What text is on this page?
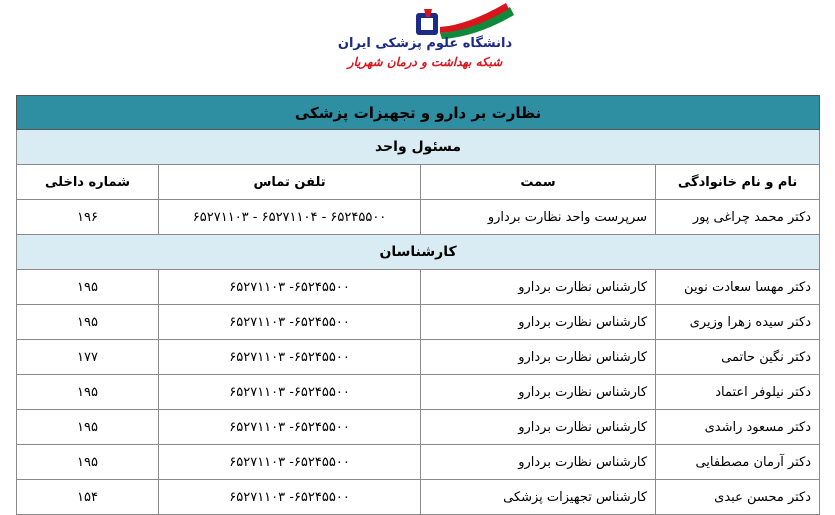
دانشگاه علوم پزشکی ایران
شبکه بهداشت و درمان شهریار
نظارت بر دارو و تجهیزات پزشکی			
مسئول واحد			
نام و نام خانوادگی	سمت	تلفن تماس	شماره داخلی
دکتر محمد چراغی پور	سرپرست واحد نظارت بردارو	۶۵۲۷۱۱۰۳ - ۶۵۲۷۱۱۰۴ - ۶۵۲۴۵۵۰۰	۱۹۶
کارشناسان			
دکتر مهسا سعادت نوین	کارشناس نظارت بردارو	۶۵۲۷۱۱۰۳ -۶۵۲۴۵۵۰۰	۱۹۵
دکتر سیده زهرا وزیری	کارشناس نظارت بردارو	۶۵۲۷۱۱۰۳ -۶۵۲۴۵۵۰۰	۱۹۵
دکتر نگین حاتمی	کارشناس نظارت بردارو	۶۵۲۷۱۱۰۳ -۶۵۲۴۵۵۰۰	۱۷۷
دکتر نیلوفر اعتماد	کارشناس نظارت بردارو	۶۵۲۷۱۱۰۳ -۶۵۲۴۵۵۰۰	۱۹۵
دکتر مسعود راشدی	کارشناس نظارت بردارو	۶۵۲۷۱۱۰۳ -۶۵۲۴۵۵۰۰	۱۹۵
دکتر آرمان مصطفایی	کارشناس نظارت بردارو	۶۵۲۷۱۱۰۳ -۶۵۲۴۵۵۰۰	۱۹۵
دکتر محسن عبدی	کارشناس تجهیزات پزشکی	۶۵۲۷۱۱۰۳ -۶۵۲۴۵۵۰۰	۱۵۴
